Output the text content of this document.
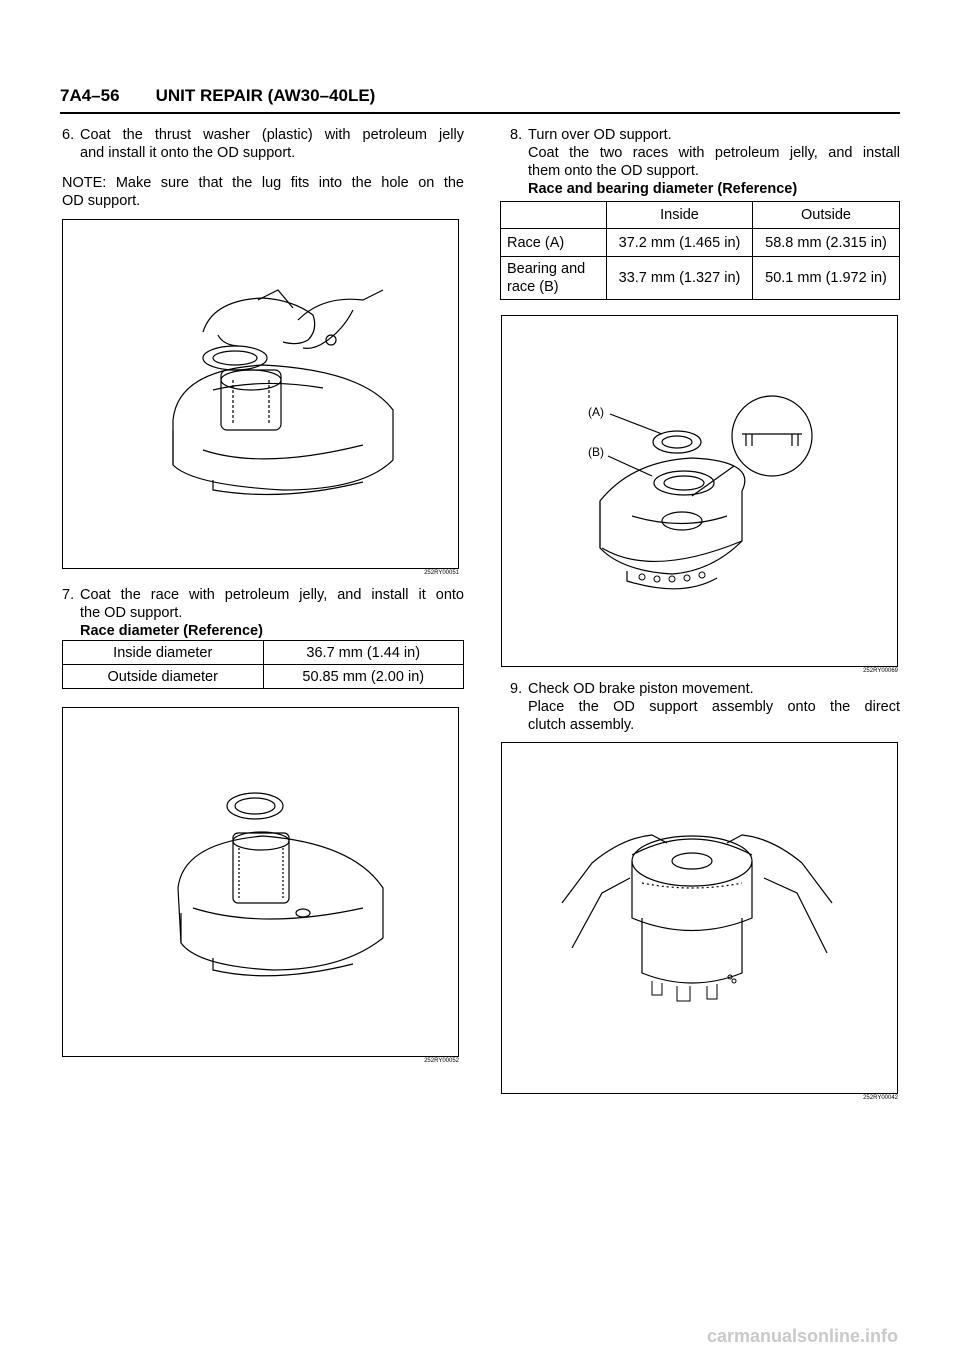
7A4–56 UNIT REPAIR (AW30–40LE)
6. Coat the thrust washer (plastic) with petroleum jelly
and install it onto the OD support.
NOTE: Make sure that the lug fits into the hole on the
OD support.
252RY00051
7. Coat the race with petroleum jelly, and install it onto
the OD support.
Race diameter (Reference)
Inside diameter	36.7 mm (1.44 in)
Outside diameter	50.85 mm (2.00 in)
252RY00052
8. Turn over OD support.
Coat the two races with petroleum jelly, and install
them onto the OD support.
Race and bearing diameter (Reference)
	Inside	Outside
Race (A)	37.2 mm (1.465 in)	58.8 mm (2.315 in)

Bearing and
race (B)	33.7 mm (1.327 in)	50.1 mm (1.972 in)
(A)
(B)
252RY00069
9. Check OD brake piston movement.
Place the OD support assembly onto the direct
clutch assembly.
252RY00042
carmanualsonline.info
